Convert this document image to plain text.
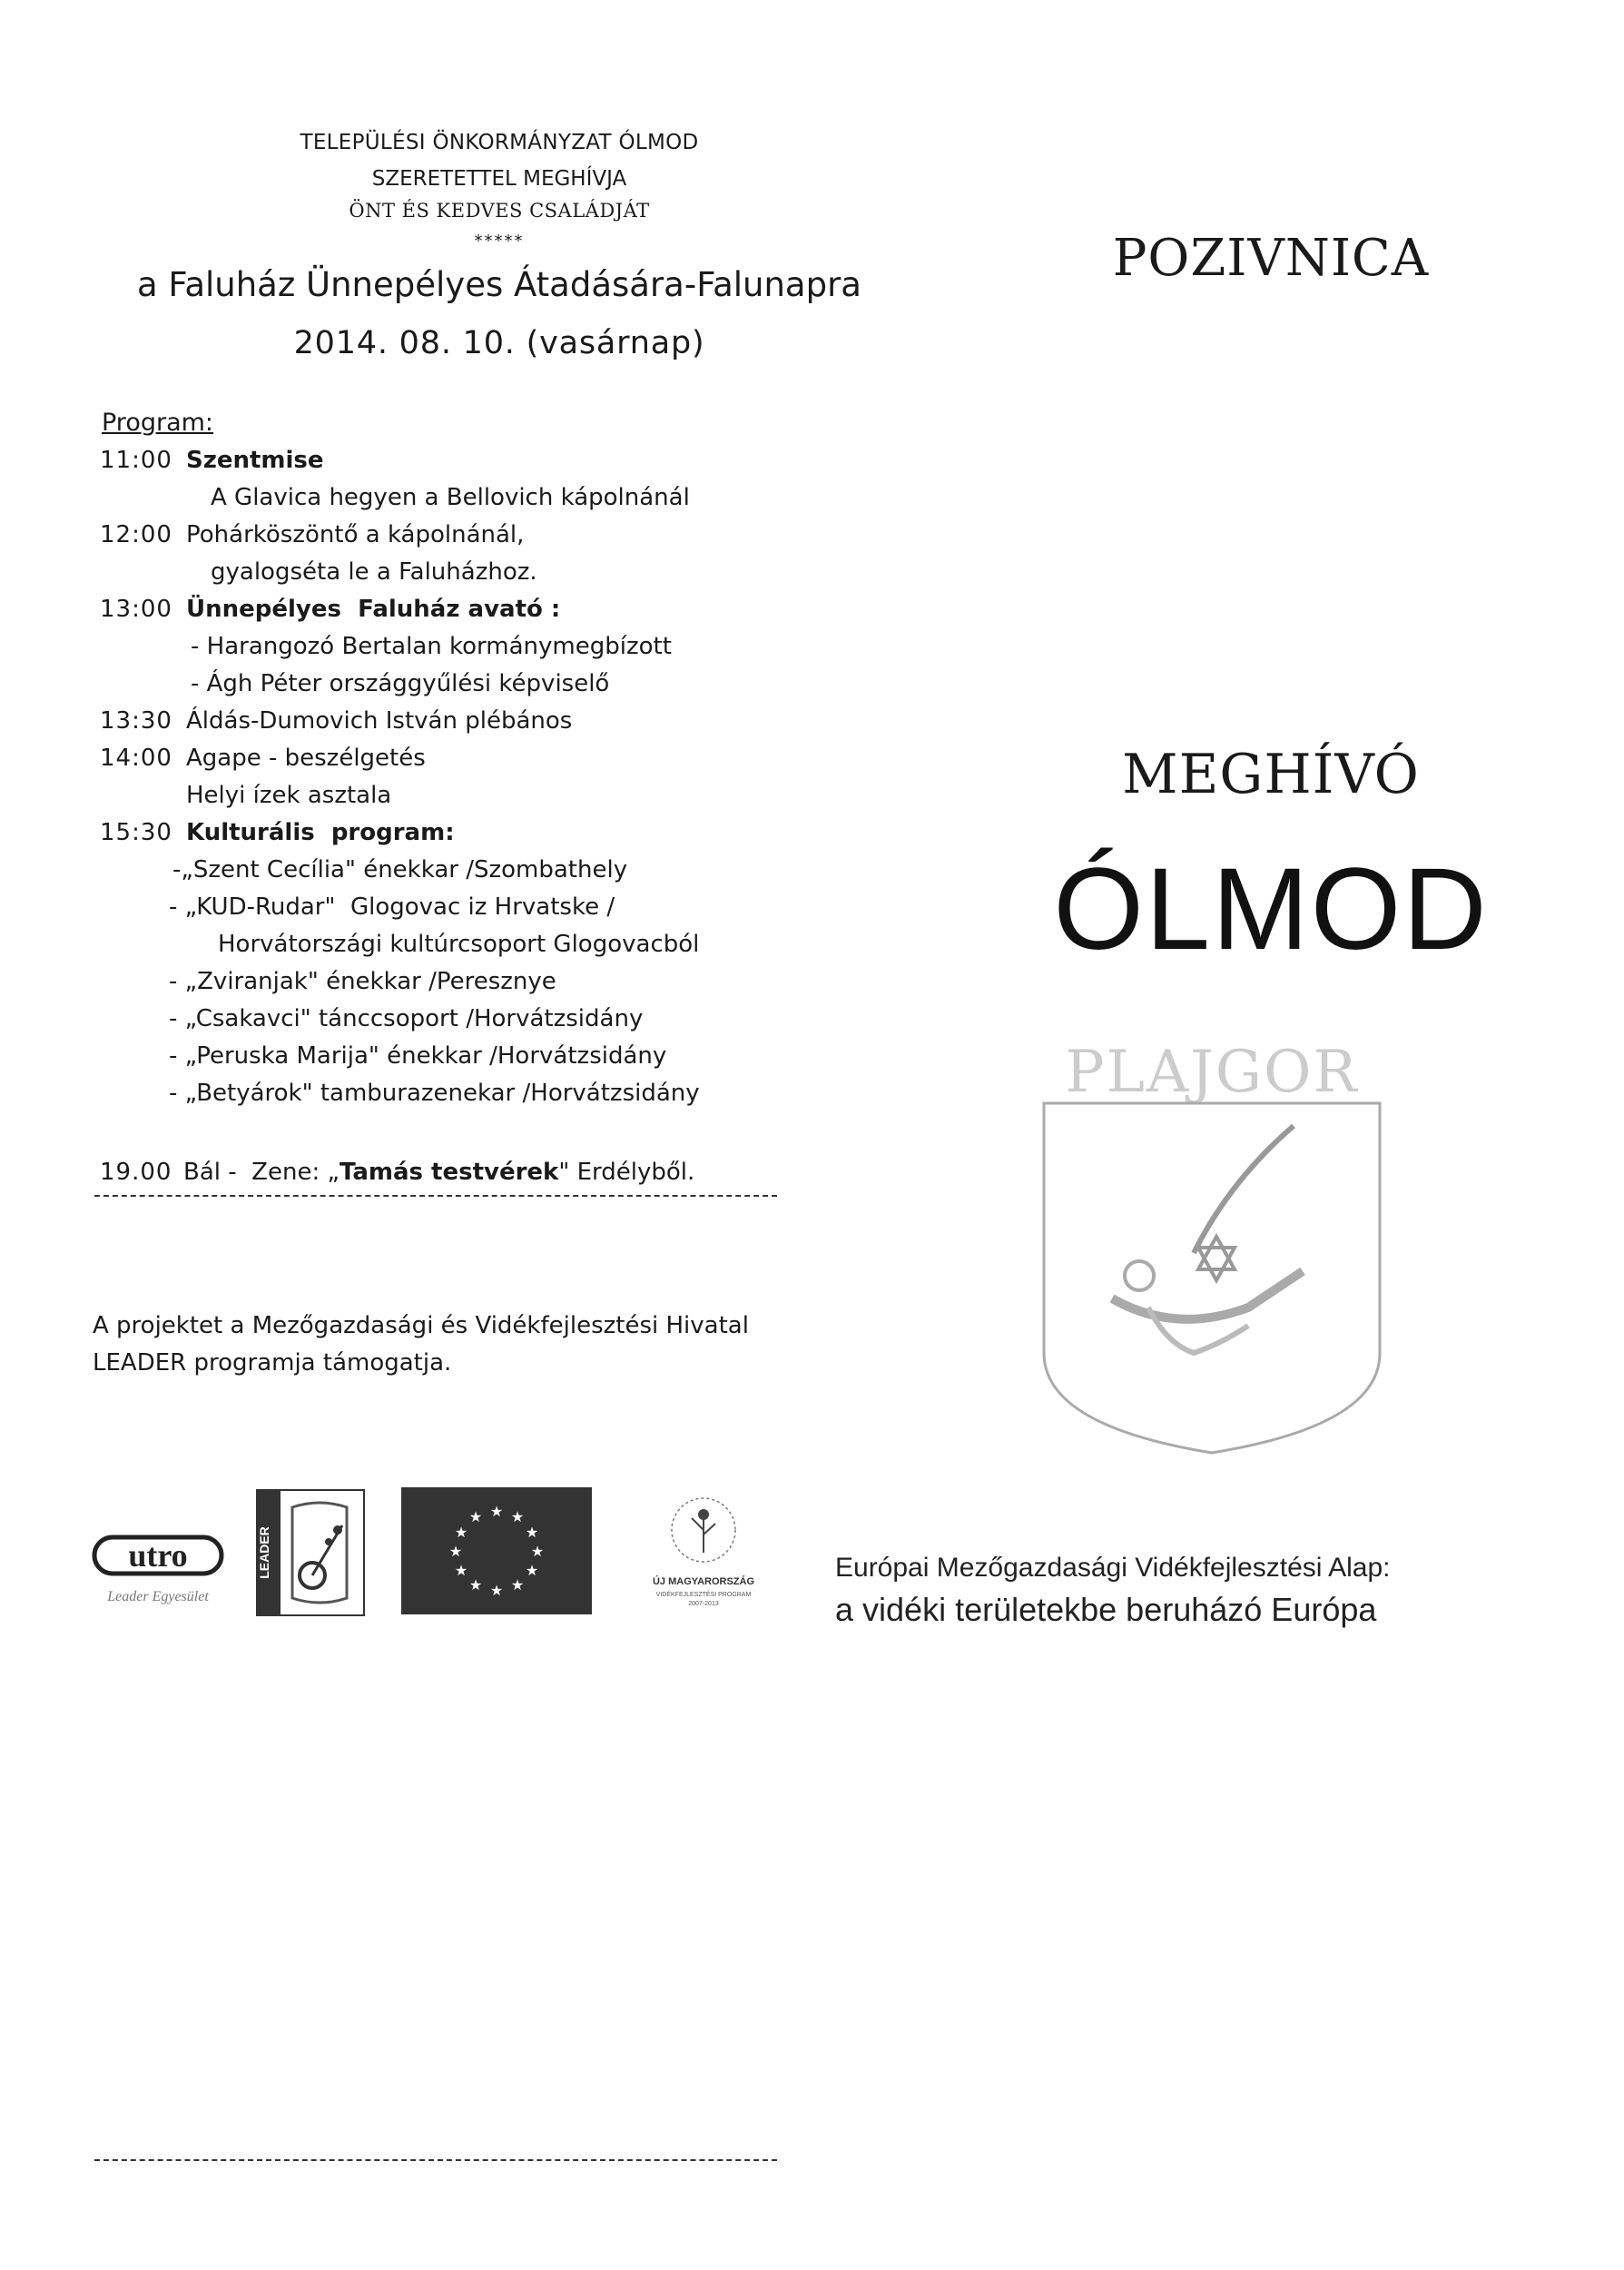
TELEPÜLÉSI ÖNKORMÁNYZAT ÓLMOD
SZERETETTEL MEGHÍVJA
ÖNT ÉS KEDVES CSALÁDJÁT
*****
a Faluház Ünnepélyes Átadására-Falunapra
2014. 08. 10. (vasárnap)
POZIVNICA
Program:
11:00 Szentmise
A Glavica hegyen a Bellovich kápolnánál
12:00 Pohárköszöntő a kápolnánál,
gyalogséta le a Faluházhoz.
13:00 Ünnepélyes  Faluház avató :
- Harangozó Bertalan kormánymegbízott
- Ágh Péter országgyűlési képviselő
13:30 Áldás-Dumovich István plébános
14:00 Agape - beszélgetés
Helyi ízek asztala
15:30 Kulturális  program:
-„Szent Cecília" énekkar /Szombathely
- „KUD-Rudar"  Glogovac iz Hrvatske /
Horvátországi kultúrcsoport Glogovacból
- „Zviranjak" énekkar /Peresznye
- „Csakavci" tánccsoport /Horvátzsidány
- „Peruska Marija" énekkar /Horvátzsidány
- „Betyárok" tamburazenekar /Horvátzsidány
19.00 Bál -  Zene: „Tamás testvérek" Erdélyből.
A projektet a Mezőgazdasági és Vidékfejlesztési Hivatal
LEADER programja támogatja.
utro
Leader Egyesület
LEADER
★ ★
★
★
★
★
★
★
★
★
★
★
ÚJ MAGYARORSZÁG
VIDÉKFEJLESZTÉSI PROGRAM
2007-2013
MEGHÍVÓ
ÓLMOD
PLAJGOR
Európai Mezőgazdasági Vidékfejlesztési Alap:
a vidéki területekbe beruházó Európa
